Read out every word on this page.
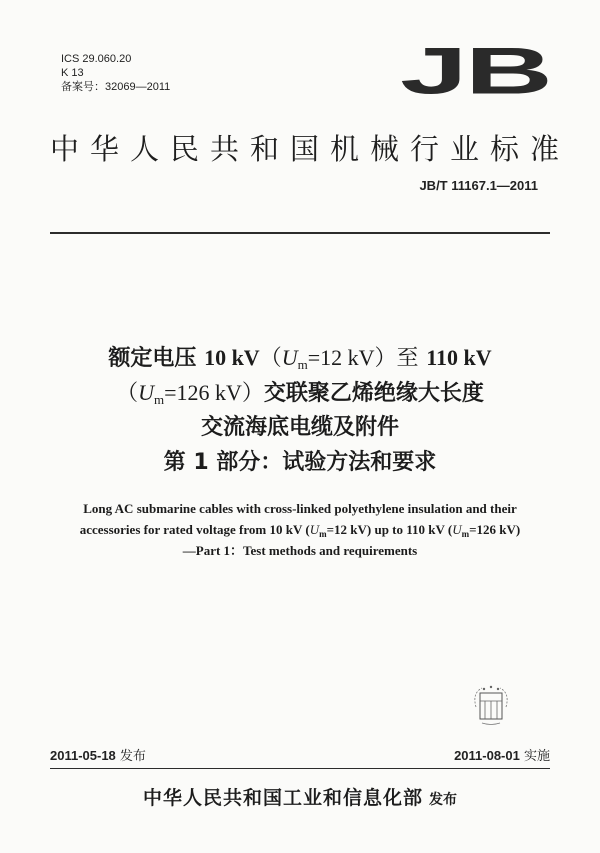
ICS 29.060.20
K 13
备案号：32069—2011	JB
中华人民共和国机械行业标准
JB/T 11167.1—2011
额定电压 10 $kV(U_m=12$ kV）至 110 kV
（$U_m=126$ kV）交联聚乙烯绝缘大长度
交流海底电缆及附件
第 1 部分：试验方法和要求
Long AC submarine cables with cross-linked polyethylene insulation and their
accessories for rated voltage from 10 kV ($U_m=12$ kV) up to 110 kV ($U_m=126$ kV)
—Part 1：Test methods and requirements
2011-05-18 发布	2011-08-01 实施
中华人民共和国工业和信息化部 发布
